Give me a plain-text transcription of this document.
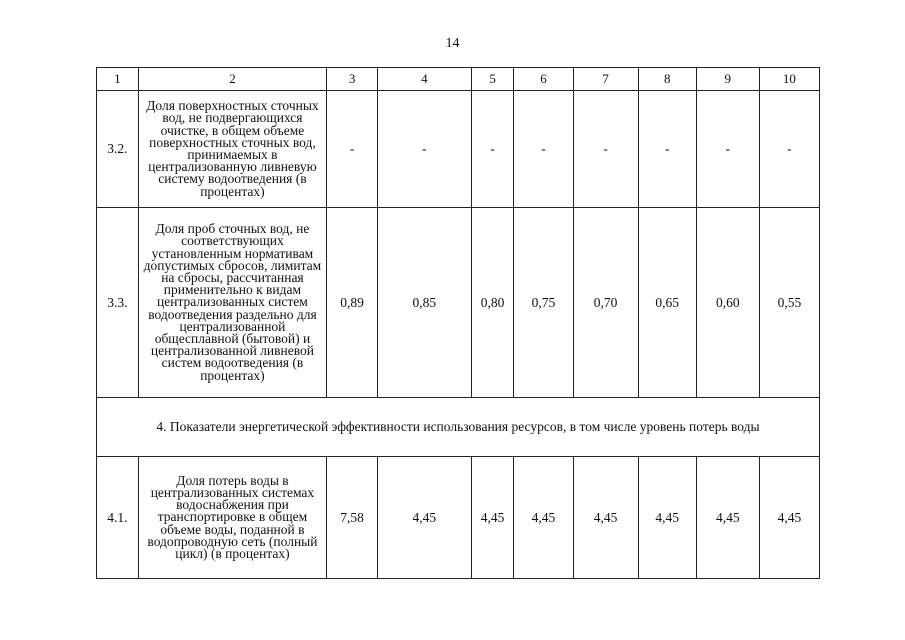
14
1	2	3	4	5	6	7	8	9	10
3.2.	Доля поверхностных сточных вод, не подвергающихся очистке, в общем объеме поверхностных сточных вод, принимаемых в централизованную ливневую систему водоотведения (в процентах)	-	-	-	-	-	-	-	-
3.3.	Доля проб сточных вод, не соответствующих установленным нормативам допустимых сбросов, лимитам на сбросы, рассчитанная применительно к видам централизованных систем водоотведения раздельно для централизованной общесплавной (бытовой) и централизованной ливневой систем водоотведения (в процентах)	0,89	0,85	0,80	0,75	0,70	0,65	0,60	0,55
4. Показатели энергетической эффективности использования ресурсов, в том числе уровень потерь воды									
4.1.	Доля потерь воды в централизованных системах водоснабжения при транспортировке в общем объеме воды, поданной в водопроводную сеть (полный цикл) (в процентах)	7,58	4,45	4,45	4,45	4,45	4,45	4,45	4,45
